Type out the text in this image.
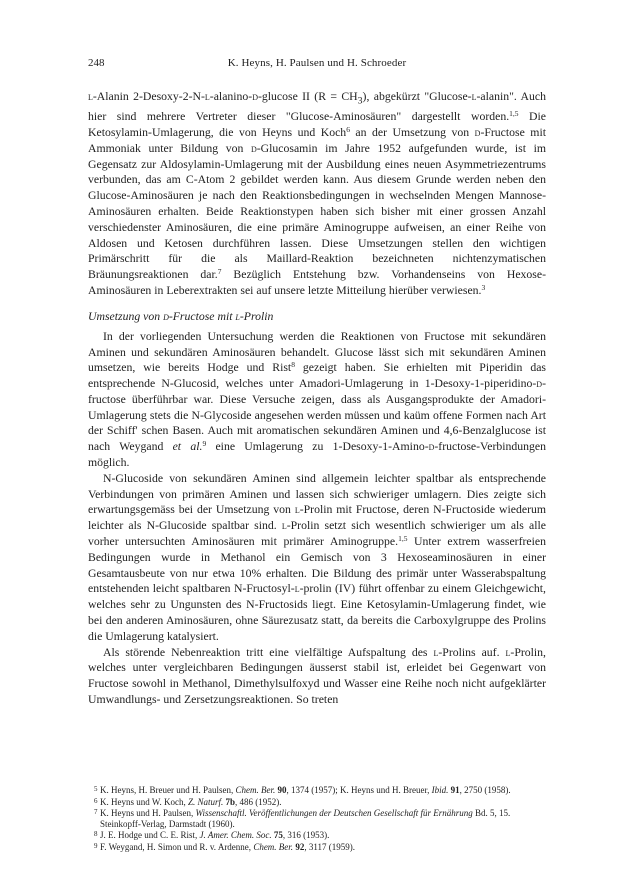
248	K. Heyns, H. Paulsen und H. Schroeder

l-Alanin 2-Desoxy-2-N-l-alanino-d-glucose II $(R = CH_3)$, abgekürzt "Glucose-l-alanin". Auch hier sind mehrere Vertreter dieser "Glucose-Aminosäuren" dargestellt worden.$^{1,5}$ Die Ketosylamin-Umlagerung, die von Heyns und Koch$^6$ an der Umsetzung von d-Fructose mit Ammoniak unter Bildung von d-Glucosamin im Jahre 1952 aufgefunden wurde, ist im Gegensatz zur Aldosylamin-Umlagerung mit der Ausbildung eines neuen Asymmetriezentrums verbunden, das am C-Atom 2 gebildet werden kann. Aus diesem Grunde werden neben den Glucose-Aminosäuren je nach den Reaktionsbedingungen in wechselnden Mengen Mannose-Aminosäuren erhalten. Beide Reaktionstypen haben sich bisher mit einer grossen Anzahl verschiedenster Aminosäuren, die eine primäre Aminogruppe aufweisen, an einer Reihe von Aldosen und Ketosen durchführen lassen. Diese Umsetzungen stellen den wichtigen Primärschritt für die als Maillard-Reaktion bezeichneten nichtenzymatischen Bräunungsreaktionen dar.$^7$ Bezüglich Entstehung bzw. Vorhandenseins von Hexose-Aminosäuren in Leberextrakten sei auf unsere letzte Mitteilung hierüber verwiesen.$^3$

Umsetzung von d-Fructose mit l-Prolin

In der vorliegenden Untersuchung werden die Reaktionen von Fructose mit sekundären Aminen und sekundären Aminosäuren behandelt. Glucose lässt sich mit sekundären Aminen umsetzen, wie bereits Hodge und Rist$^8$ gezeigt haben. Sie erhielten mit Piperidin das entsprechende N-Glucosid, welches unter Amadori-Umlagerung in 1-Desoxy-1-piperidino-d-fructose überführbar war. Diese Versuche zeigen, dass als Ausgangsprodukte der Amadori-Umlagerung stets die N-Glycoside angesehen werden müssen und kaüm offene Formen nach Art der Schiff' schen Basen. Auch mit aromatischen sekundären Aminen und 4,6-Benzalglucose ist nach Weygand et al.$^9$ eine Umlagerung zu 1-Desoxy-1-Amino-d-fructose-Verbindungen möglich.

N-Glucoside von sekundären Aminen sind allgemein leichter spaltbar als entsprechende Verbindungen von primären Aminen und lassen sich schwieriger umlagern. Dies zeigte sich erwartungsgemäss bei der Umsetzung von l-Prolin mit Fructose, deren N-Fructoside wiederum leichter als N-Glucoside spaltbar sind. l-Prolin setzt sich wesentlich schwieriger um als alle vorher untersuchten Aminosäuren mit primärer Aminogruppe.$^{1,5}$ Unter extrem wasserfreien Bedingungen wurde in Methanol ein Gemisch von 3 Hexoseaminosäuren in einer Gesamtausbeute von nur etwa 10% erhalten. Die Bildung des primär unter Wasserabspaltung entstehenden leicht spaltbaren N-Fructosyl-l-prolin (IV) führt offenbar zu einem Gleichgewicht, welches sehr zu Ungunsten des N-Fructosids liegt. Eine Ketosylamin-Umlagerung findet, wie bei den anderen Aminosäuren, ohne Säurezusatz statt, da bereits die Carboxylgruppe des Prolins die Umlagerung katalysiert.

Als störende Nebenreaktion tritt eine vielfältige Aufspaltung des l-Prolins auf. l-Prolin, welches unter vergleichbaren Bedingungen äusserst stabil ist, erleidet bei Gegenwart von Fructose sowohl in Methanol, Dimethylsulfoxyd und Wasser eine Reihe noch nicht aufgeklärter Umwandlungs- und Zersetzungsreaktionen. So treten

5 K. Heyns, H. Breuer und H. Paulsen, Chem. Ber. 90, 1374 (1957); K. Heyns und H. Breuer, Ibid. 91, 2750 (1958).

6 K. Heyns und W. Koch, Z. Naturf. 7b, 486 (1952).

7 K. Heyns und H. Paulsen, Wissenschaftl. Veröffentlichungen der Deutschen Gesellschaft für Ernährung Bd. 5, 15. Steinkopff-Verlag, Darmstadt (1960).

8 J. E. Hodge und C. E. Rist, J. Amer. Chem. Soc. 75, 316 (1953).

9 F. Weygand, H. Simon und R. v. Ardenne, Chem. Ber. 92, 3117 (1959).
